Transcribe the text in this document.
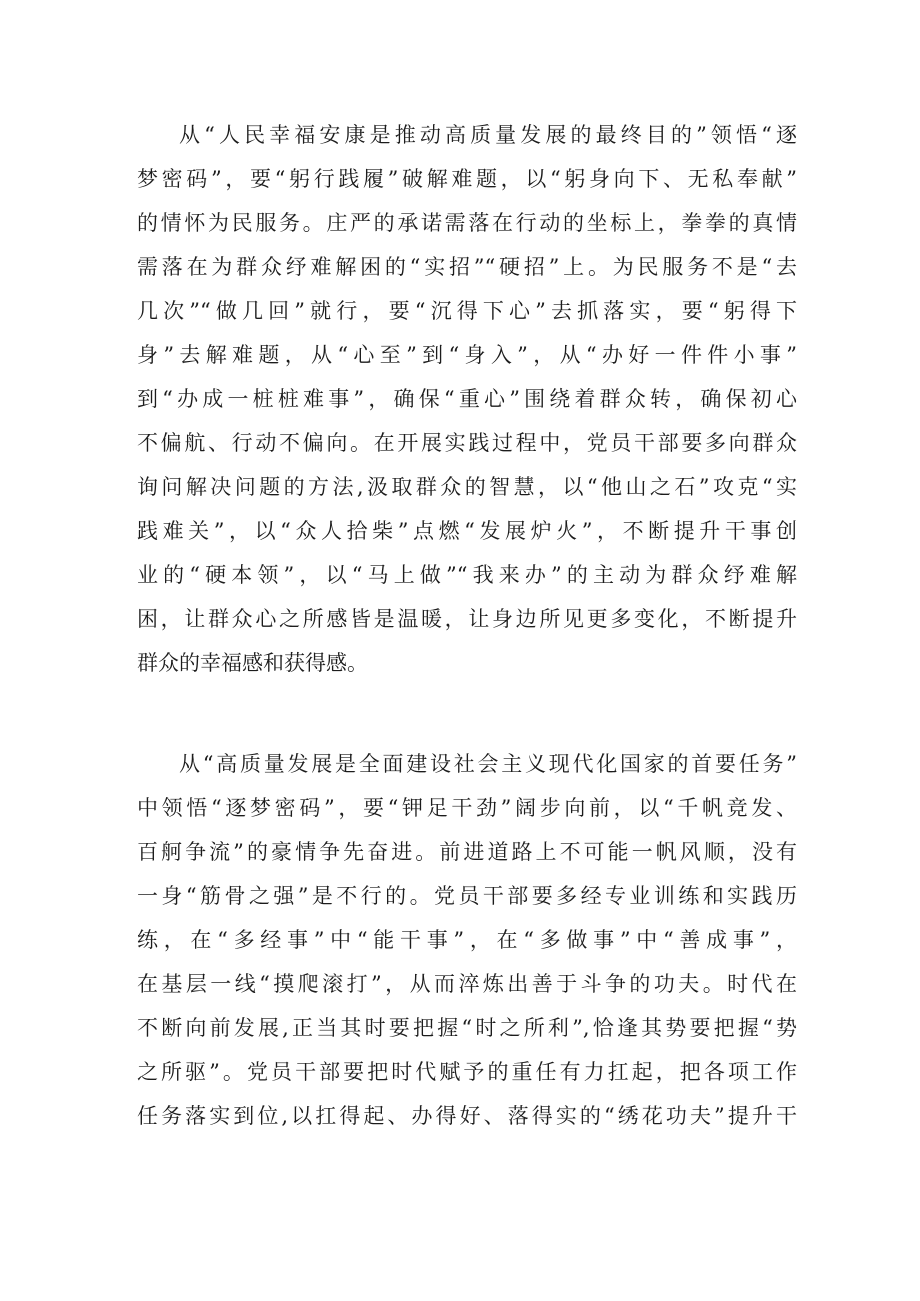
从“人民幸福安康是推动高质量发展的最终目的”领悟“逐
梦密码”，要“躬行践履”破解难题，以“躬身向下、无私奉献”
的情怀为民服务。庄严的承诺需落在行动的坐标上，拳拳的真情
需落在为群众纾难解困的“实招”“硬招”上。为民服务不是“去
几次”“做几回”就行，要“沉得下心”去抓落实，要“躬得下
身”去解难题，从“心至”到“身入”，从“办好一件件小事”
到“办成一桩桩难事”，确保“重心”围绕着群众转，确保初心
不偏航、行动不偏向。在开展实践过程中，党员干部要多向群众
询问解决问题的方法,汲取群众的智慧，以“他山之石”攻克“实
践难关”，以“众人拾柴”点燃“发展炉火”，不断提升干事创
业的“硬本领”，以“马上做”“我来办”的主动为群众纾难解
困，让群众心之所感皆是温暖，让身边所见更多变化，不断提升
群众的幸福感和获得感。
从“高质量发展是全面建设社会主义现代化国家的首要任务”
中领悟“逐梦密码”，要“钾足干劲”阔步向前，以“千帆竞发、
百舸争流”的豪情争先奋进。前进道路上不可能一帆风顺，没有
一身“筋骨之强”是不行的。党员干部要多经专业训练和实践历
练，在“多经事”中“能干事”，在“多做事”中“善成事”，
在基层一线“摸爬滚打”，从而淬炼出善于斗争的功夫。时代在
不断向前发展,正当其时要把握“时之所利”,恰逢其势要把握“势
之所驱”。党员干部要把时代赋予的重任有力扛起，把各项工作
任务落实到位,以扛得起、办得好、落得实的“绣花功夫”提升干
